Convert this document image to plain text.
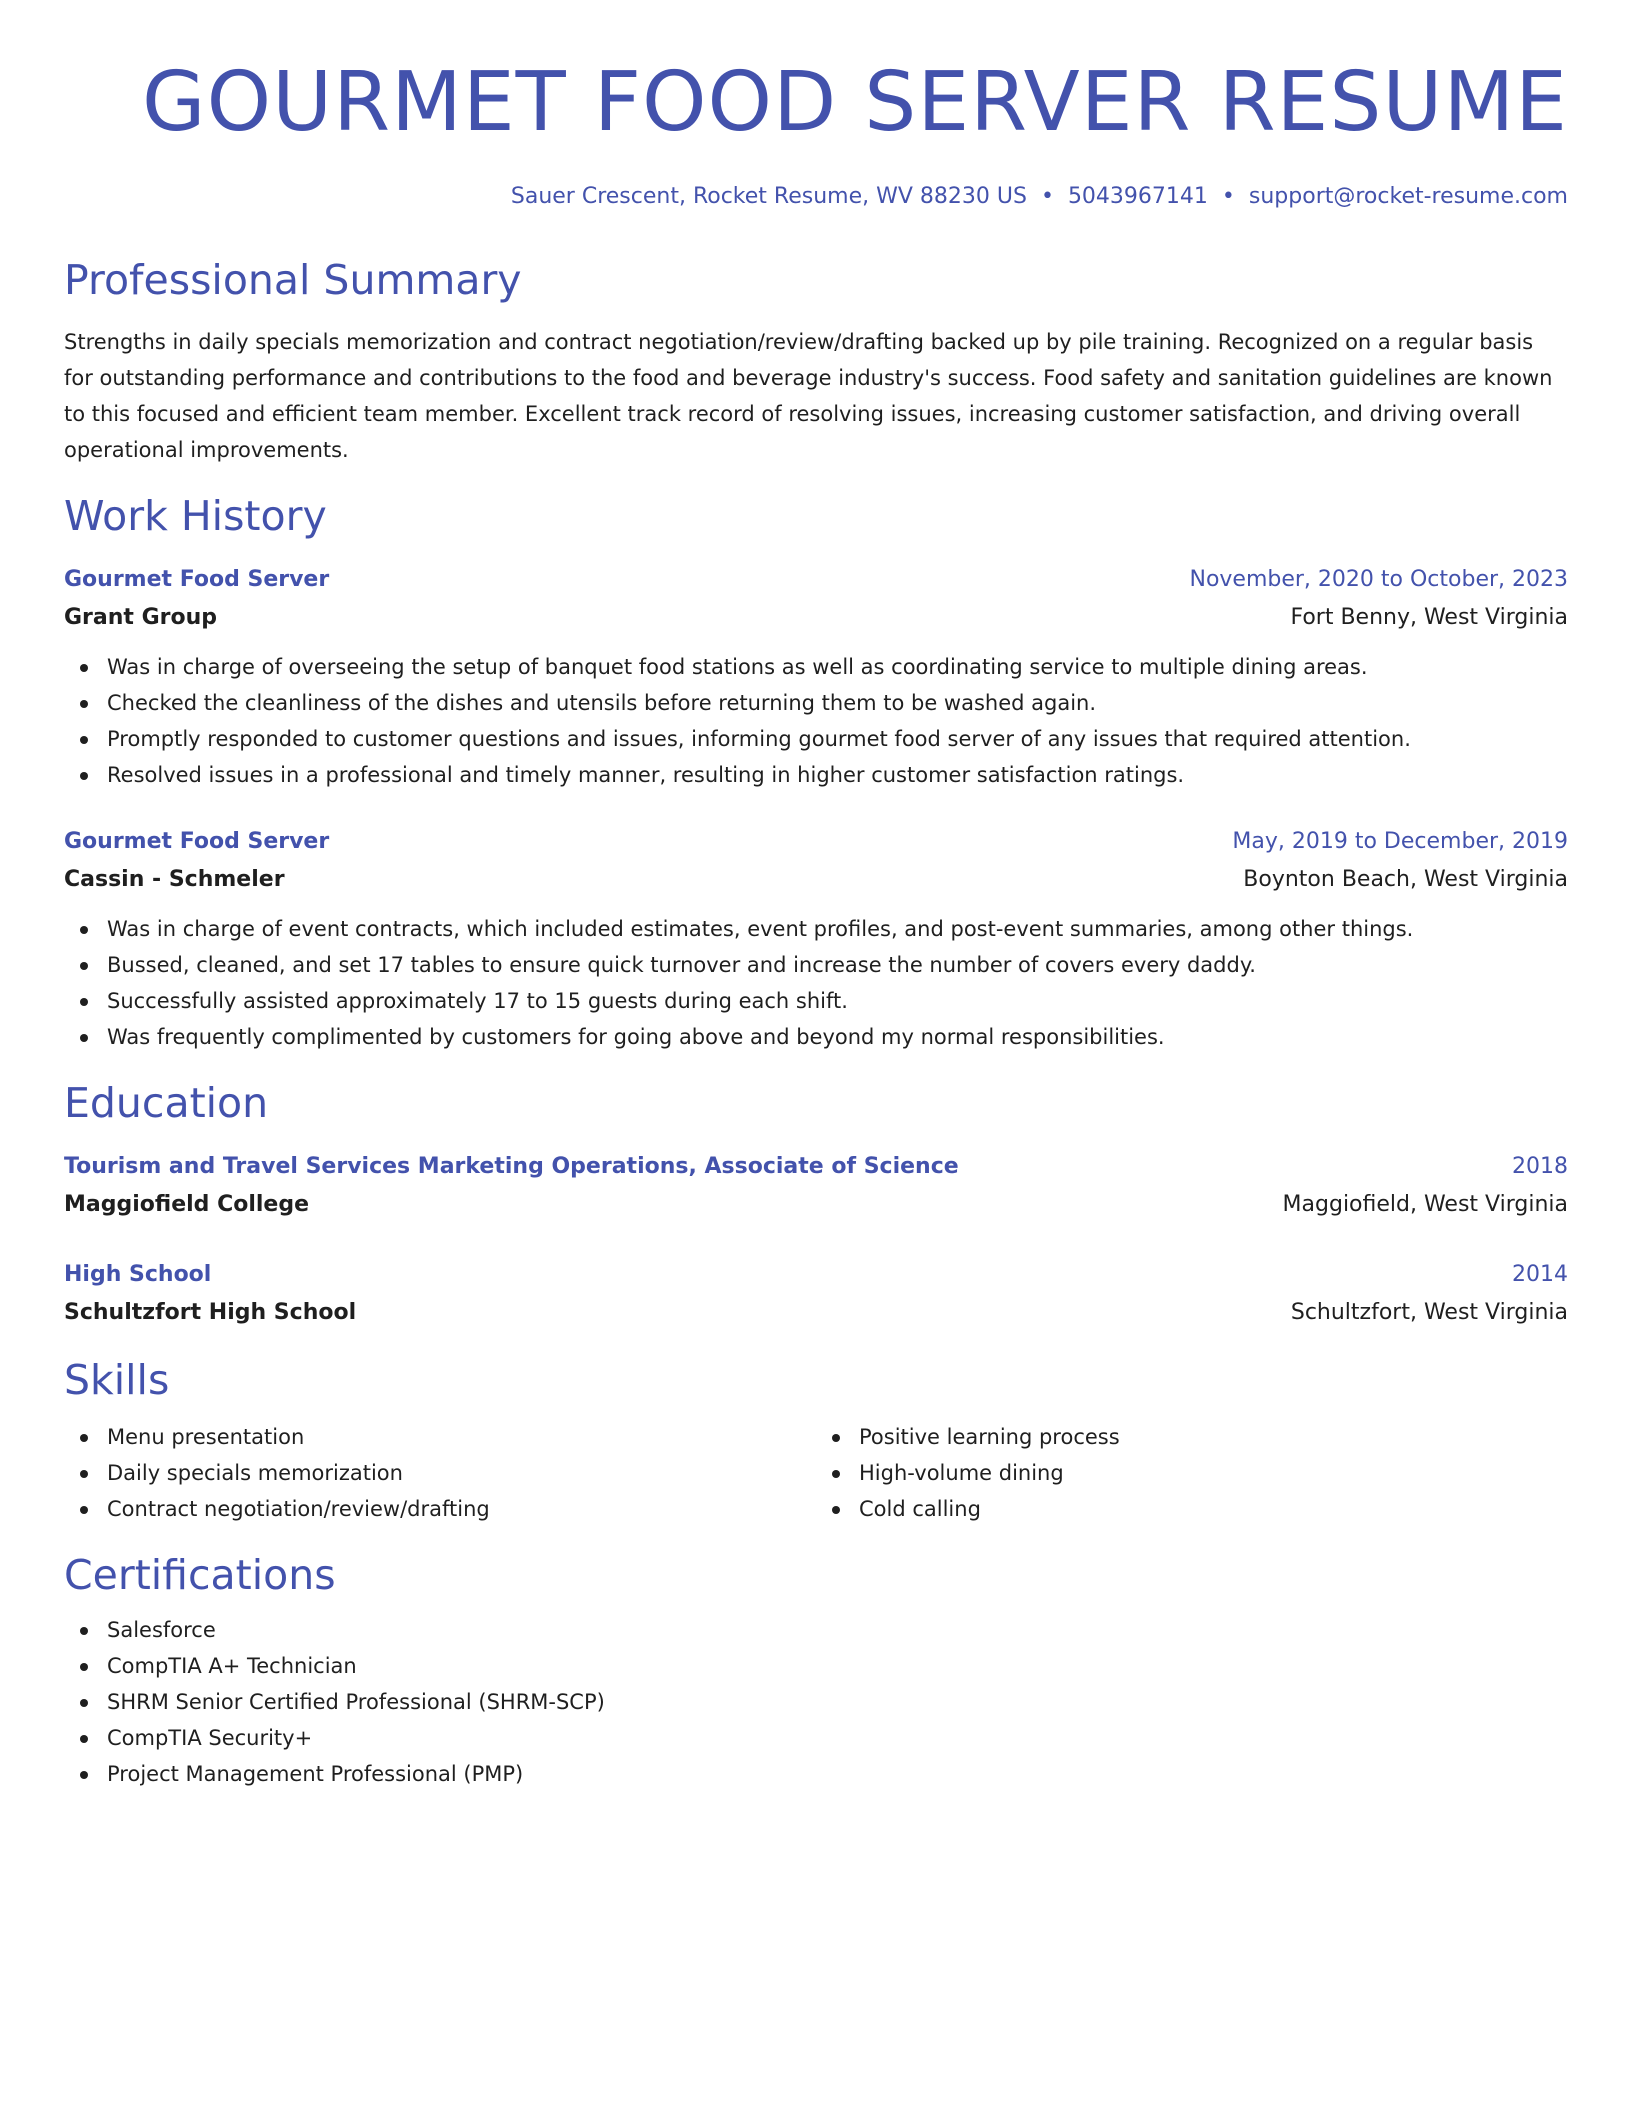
GOURMET FOOD SERVER RESUME
Sauer Crescent, Rocket Resume, WV 88230 US • 5043967141 • support@rocket-resume.com
Professional Summary
Strengths in daily specials memorization and contract negotiation/review/drafting backed up by pile training. Recognized on a regular basis for outstanding performance and contributions to the food and beverage industry's success. Food safety and sanitation guidelines are known to this focused and efficient team member. Excellent track record of resolving issues, increasing customer satisfaction, and driving overall operational improvements.
Work History
Gourmet Food Server	November, 2020 to October, 2023
Grant Group	Fort Benny, West Virginia
Was in charge of overseeing the setup of banquet food stations as well as coordinating service to multiple dining areas.
Checked the cleanliness of the dishes and utensils before returning them to be washed again.
Promptly responded to customer questions and issues, informing gourmet food server of any issues that required attention.
Resolved issues in a professional and timely manner, resulting in higher customer satisfaction ratings.
Gourmet Food Server	May, 2019 to December, 2019
Cassin - Schmeler	Boynton Beach, West Virginia
Was in charge of event contracts, which included estimates, event profiles, and post-event summaries, among other things.
Bussed, cleaned, and set 17 tables to ensure quick turnover and increase the number of covers every daddy.
Successfully assisted approximately 17 to 15 guests during each shift.
Was frequently complimented by customers for going above and beyond my normal responsibilities.
Education
Tourism and Travel Services Marketing Operations, Associate of Science	2018
Maggiofield College	Maggiofield, West Virginia
High School	2014
Schultzfort High School	Schultzfort, West Virginia
Skills
Menu presentation
Daily specials memorization
Contract negotiation/review/drafting
Positive learning process
High-volume dining
Cold calling
Certifications
Salesforce
CompTIA A+ Technician
SHRM Senior Certified Professional (SHRM-SCP)
CompTIA Security+
Project Management Professional (PMP)
